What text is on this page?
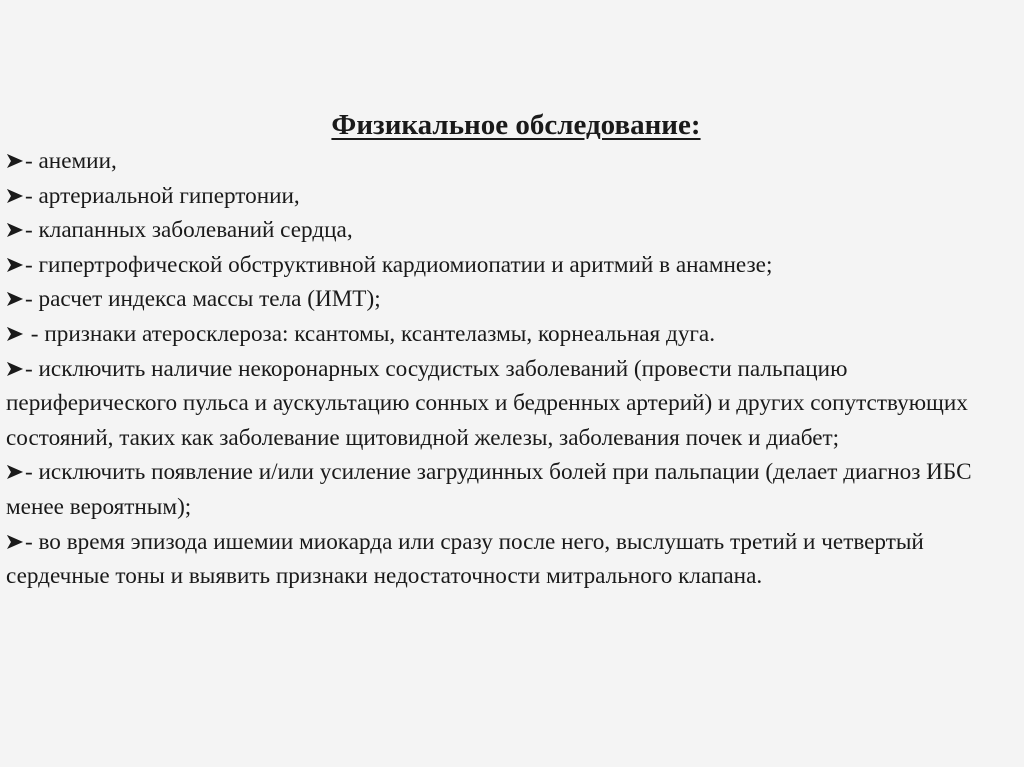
Физикальное обследование:
- анемии,
- артериальной гипертонии,
- клапанных заболеваний сердца,
- гипертрофической обструктивной кардиомиопатии и аритмий в анамнезе;
- расчет индекса массы тела (ИМТ);
- признаки атеросклероза: ксантомы, ксантелазмы, корнеальная дуга.
- исключить наличие некоронарных сосудистых заболеваний (провести пальпацию периферического пульса и аускультацию сонных и бедренных артерий) и других сопутствующих состояний, таких как заболевание щитовидной железы, заболевания почек и диабет;
- исключить появление и/или усиление загрудинных болей при пальпации (делает диагноз ИБС менее вероятным);
- во время эпизода ишемии миокарда или сразу после него, выслушать третий и четвертый сердечные тоны и выявить признаки недостаточности митрального клапана.
